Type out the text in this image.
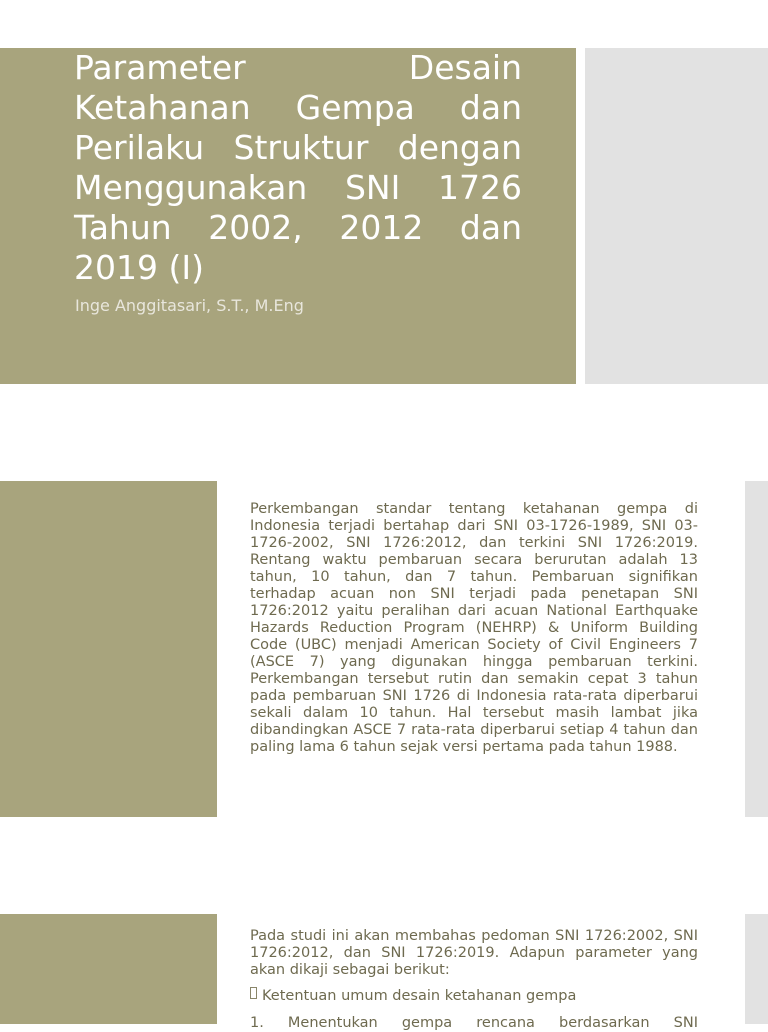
Parameter Desain Ketahanan Gempa dan Perilaku Struktur dengan Menggunakan SNI 1726 Tahun 2002, 2012 dan 2019 (I)

Inge Anggitasari, S.T., M.Eng

Perkembangan standar tentang ketahanan gempa di Indonesia terjadi bertahap dari SNI 03-1726-1989, SNI 03-1726-2002, SNI 1726:2012, dan terkini SNI 1726:2019. Rentang waktu pembaruan secara berurutan adalah 13 tahun, 10 tahun, dan 7 tahun. Pembaruan signifikan terhadap acuan non SNI terjadi pada penetapan SNI 1726:2012 yaitu peralihan dari acuan National Earthquake Hazards Reduction Program (NEHRP) & Uniform Building Code (UBC) menjadi American Society of Civil Engineers 7 (ASCE 7) yang digunakan hingga pembaruan terkini. Perkembangan tersebut rutin dan semakin cepat 3 tahun pada pembaruan SNI 1726 di Indonesia rata-rata diperbarui sekali dalam 10 tahun. Hal tersebut masih lambat jika dibandingkan ASCE 7 rata-rata diperbarui setiap 4 tahun dan paling lama 6 tahun sejak versi pertama pada tahun 1988.

Pada studi ini akan membahas pedoman SNI 1726:2002, SNI 1726:2012, dan SNI 1726:2019. Adapun parameter yang akan dikaji sebagai berikut:

Ketentuan umum desain ketahanan gempa

1. Menentukan gempa rencana berdasarkan SNI
